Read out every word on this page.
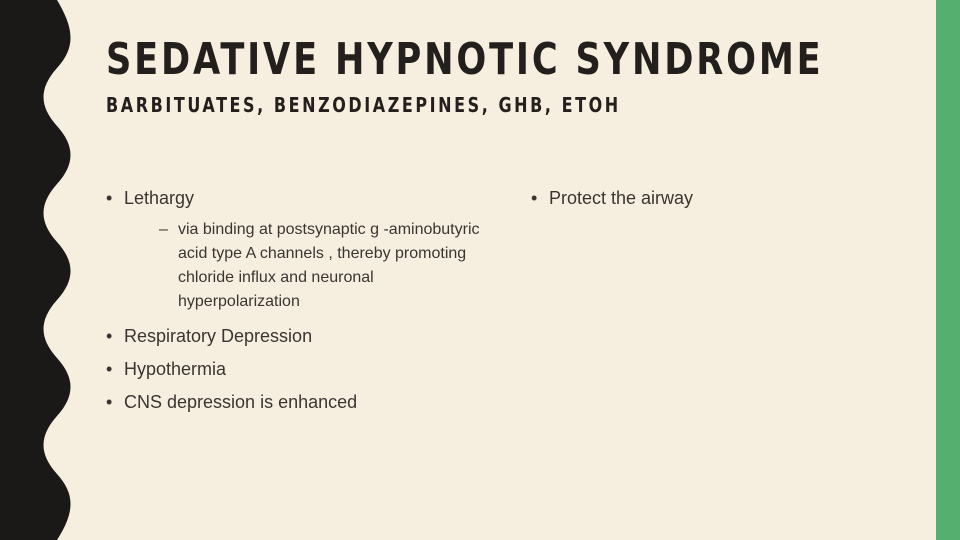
SEDATIVE HYPNOTIC SYNDROME
BARBITUATES, BENZODIAZEPINES, GHB, ETOH
• Lethargy
– via binding at postsynaptic g -aminobutyric acid type A channels , thereby promoting chloride influx and neuronal hyperpolarization
• Respiratory Depression
• Hypothermia
• CNS depression is enhanced
• Protect the airway
